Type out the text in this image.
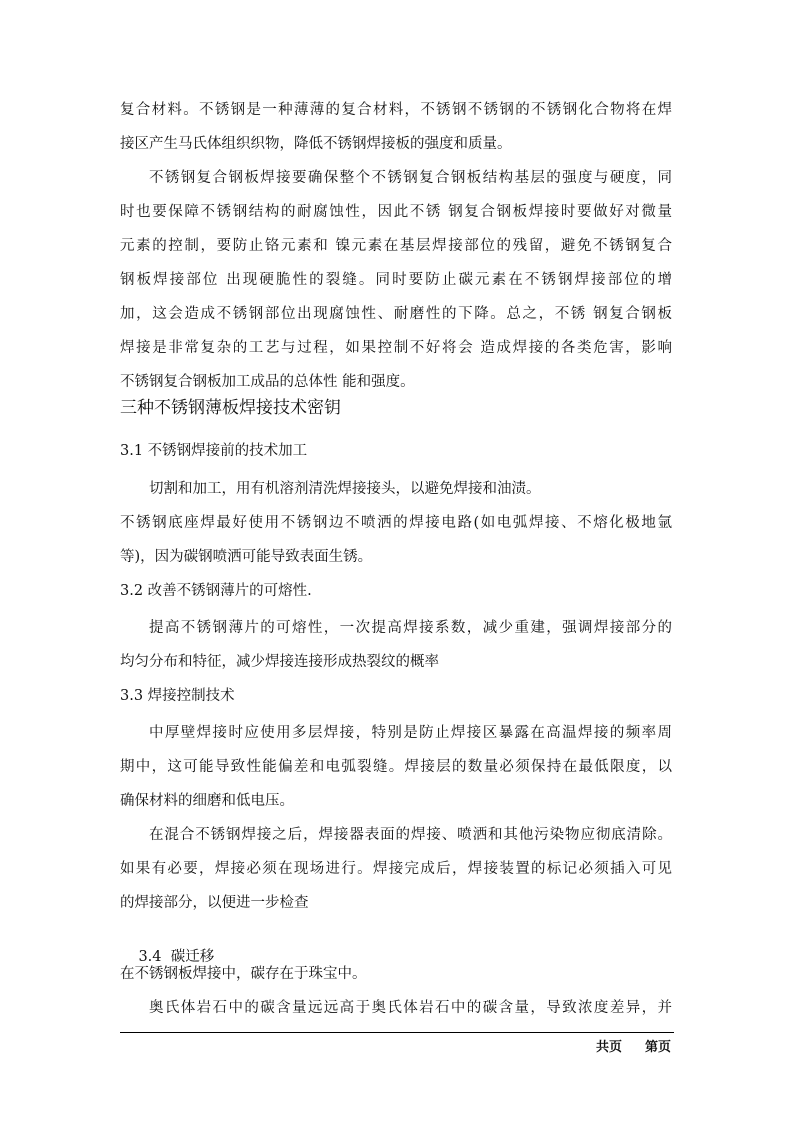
复合材料。不锈钢是一种薄薄的复合材料，不锈钢不锈钢的不锈钢化合物将在焊
接区产生马氏体组织织物，降低不锈钢焊接板的强度和质量。
不锈钢复合钢板焊接要确保整个不锈钢复合钢板结构基层的强度与硬度，同
时也要保障不锈钢结构的耐腐蚀性，因此不锈 钢复合钢板焊接时要做好对微量
元素的控制，要防止铬元素和 镍元素在基层焊接部位的残留，避免不锈钢复合
钢板焊接部位 出现硬脆性的裂缝。同时要防止碳元素在不锈钢焊接部位的增
加，这会造成不锈钢部位出现腐蚀性、耐磨性的下降。总之，不锈 钢复合钢板
焊接是非常复杂的工艺与过程，如果控制不好将会 造成焊接的各类危害，影响
不锈钢复合钢板加工成品的总体性 能和强度。
三种不锈钢薄板焊接技术密钥
3.1 不锈钢焊接前的技术加工
切割和加工，用有机溶剂清洗焊接接头，以避免焊接和油渍。
不锈钢底座焊最好使用不锈钢边不喷洒的焊接电路(如电弧焊接、不熔化极地氩
等)，因为碳钢喷洒可能导致表面生锈。
3.2 改善不锈钢薄片的可熔性.
提高不锈钢薄片的可熔性，一次提高焊接系数，减少重建，强调焊接部分的
均匀分布和特征，减少焊接连接形成热裂纹的概率
3.3 焊接控制技术
中厚壁焊接时应使用多层焊接，特别是防止焊接区暴露在高温焊接的频率周
期中，这可能导致性能偏差和电弧裂缝。焊接层的数量必须保持在最低限度，以
确保材料的细磨和低电压。
在混合不锈钢焊接之后，焊接器表面的焊接、喷洒和其他污染物应彻底清除。
如果有必要，焊接必须在现场进行。焊接完成后，焊接装置的标记必须插入可见
的焊接部分，以便进一步检查

3.4  碳迁移

在不锈钢板焊接中，碳存在于珠宝中。
奥氏体岩石中的碳含量远远高于奥氏体岩石中的碳含量，导致浓度差异，并
共页 第页
